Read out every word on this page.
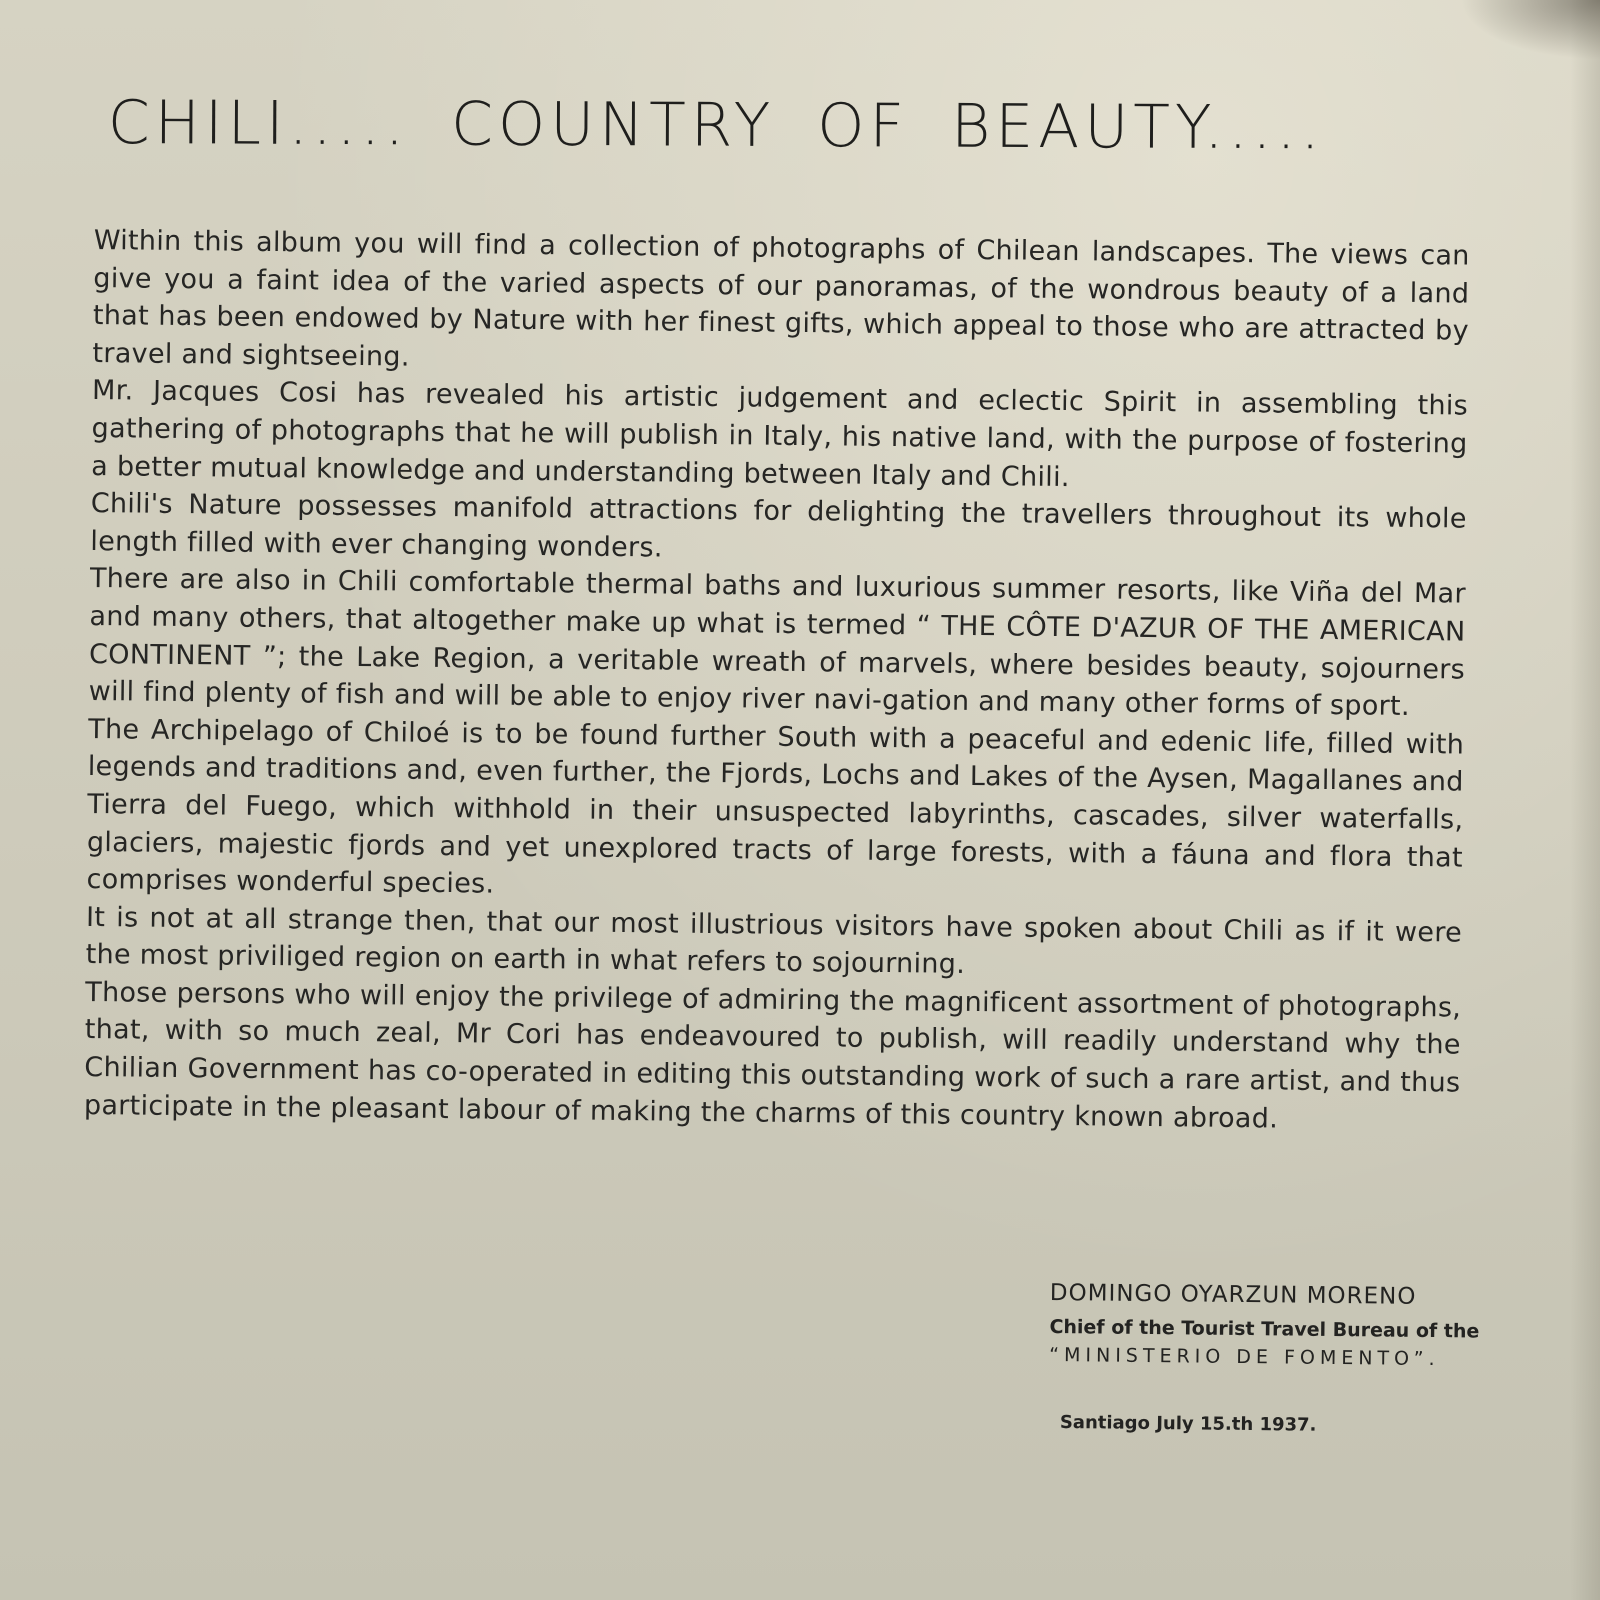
CHILI..... COUNTRY OF BEAUTY.....

Within this album you will find a collection of photographs of Chilean landscapes. The views can give you a faint idea of the varied aspects of our panoramas, of the wondrous beauty of a land that has been endowed by Nature with her finest gifts, which appeal to those who are attracted by travel and sightseeing.

Mr. Jacques Cosi has revealed his artistic judgement and eclectic Spirit in assembling this gathering of photographs that he will publish in Italy, his native land, with the purpose of fostering a better mutual knowledge and understanding between Italy and Chili.

Chili's Nature possesses manifold attractions for delighting the travellers throughout its whole length filled with ever changing wonders.

There are also in Chili comfortable thermal baths and luxurious summer resorts, like Viña del Mar and many others, that altogether make up what is termed “ THE CÔTE D'AZUR OF THE AMERICAN CONTINENT ”; the Lake Region, a veritable wreath of marvels, where besides beauty, sojourners will find plenty of fish and will be able to enjoy river navi-gation and many other forms of sport.

The Archipelago of Chiloé is to be found further South with a peaceful and edenic life, filled with legends and traditions and, even further, the Fjords, Lochs and Lakes of the Aysen, Magallanes and Tierra del Fuego, which withhold in their unsuspected labyrinths, cascades, silver waterfalls, glaciers, majestic fjords and yet unexplored tracts of large forests, with a fáuna and flora that comprises wonderful species.

It is not at all strange then, that our most illustrious visitors have spoken about Chili as if it were the most priviliged region on earth in what refers to sojourning.

Those persons who will enjoy the privilege of admiring the magnificent assortment of photographs, that, with so much zeal, Mr Cori has endeavoured to publish, will readily understand why the Chilian Government has co-operated in editing this outstanding work of such a rare artist, and thus participate in the pleasant labour of making the charms of this country known abroad.

DOMINGO OYARZUN MORENO

Chief of the Tourist Travel Bureau of the

“MINISTERIO DE FOMENTO”.

Santiago July 15.th 1937.
